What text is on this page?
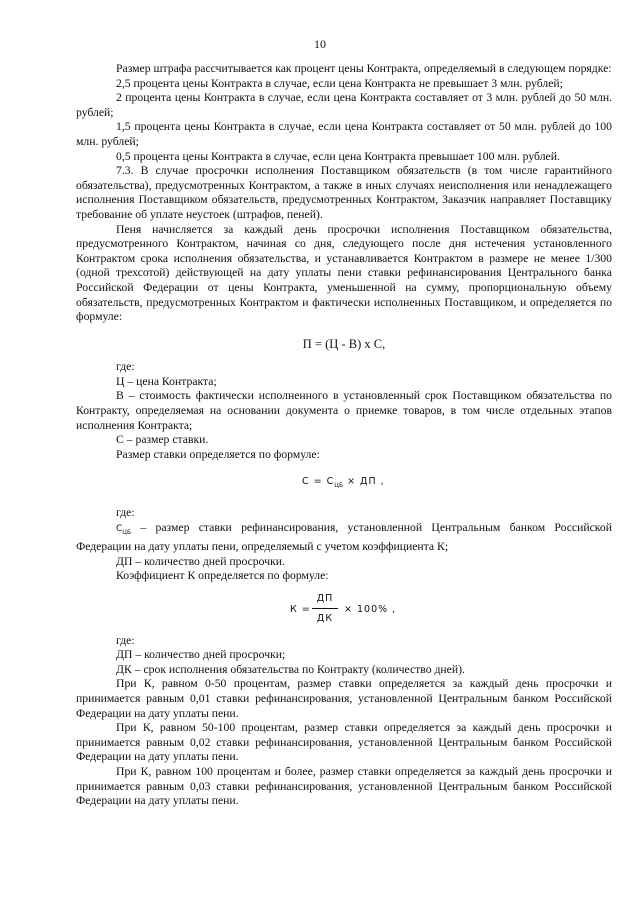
10

Размер штрафа рассчитывается как процент цены Контракта, определяемый в следующем порядке:

2,5 процента цены Контракта в случае, если цена Контракта не превышает 3 млн. рублей;

2 процента цены Контракта в случае, если цена Контракта составляет от 3 млн. рублей до 50 млн. рублей;

1,5 процента цены Контракта в случае, если цена Контракта составляет от 50 млн. рублей до 100 млн. рублей;

0,5 процента цены Контракта в случае, если цена Контракта превышает 100 млн. рублей.

7.3. В случае просрочки исполнения Поставщиком обязательств (в том числе гарантийного обязательства), предусмотренных Контрактом, а также в иных случаях неисполнения или ненадлежащего исполнения Поставщиком обязательств, предусмотренных Контрактом, Заказчик направляет Поставщику требование об уплате неустоек (штрафов, пеней).

Пеня начисляется за каждый день просрочки исполнения Поставщиком обязательства, предусмотренного Контрактом, начиная со дня, следующего после дня истечения установленного Контрактом срока исполнения обязательства, и устанавливается Контрактом в размере не менее 1/300 (одной трехсотой) действующей на дату уплаты пени ставки рефинансирования Центрального банка Российской Федерации от цены Контракта, уменьшенной на сумму, пропорциональную объему обязательств, предусмотренных Контрактом и фактически исполненных Поставщиком, и определяется по формуле:

П = (Ц - В) х С,

где:

Ц – цена Контракта;

В – стоимость фактически исполненного в установленный срок Поставщиком обязательства по Контракту, определяемая на основании документа о приемке товаров, в том числе отдельных этапов исполнения Контракта;

С – размер ставки.

Размер ставки определяется по формуле:

$С = С_{ЦБ}$ × ДП ,

где:

$С_{ЦБ}$ – размер ставки рефинансирования, установленной Центральным банком Российской Федерации на дату уплаты пени, определяемый с учетом коэффициента К;

ДП – количество дней просрочки.

Коэффициент К определяется по формуле:

К =
ДП
ДК
× 100% ,

где:

ДП – количество дней просрочки;

ДК – срок исполнения обязательства по Контракту (количество дней).

При К, равном 0-50 процентам, размер ставки определяется за каждый день просрочки и принимается равным 0,01 ставки рефинансирования, установленной Центральным банком Российской Федерации на дату уплаты пени.

При К, равном 50-100 процентам, размер ставки определяется за каждый день просрочки и принимается равным 0,02 ставки рефинансирования, установленной Центральным банком Российской Федерации на дату уплаты пени.

При К, равном 100 процентам и более, размер ставки определяется за каждый день просрочки и принимается равным 0,03 ставки рефинансирования, установленной Центральным банком Российской Федерации на дату уплаты пени.
